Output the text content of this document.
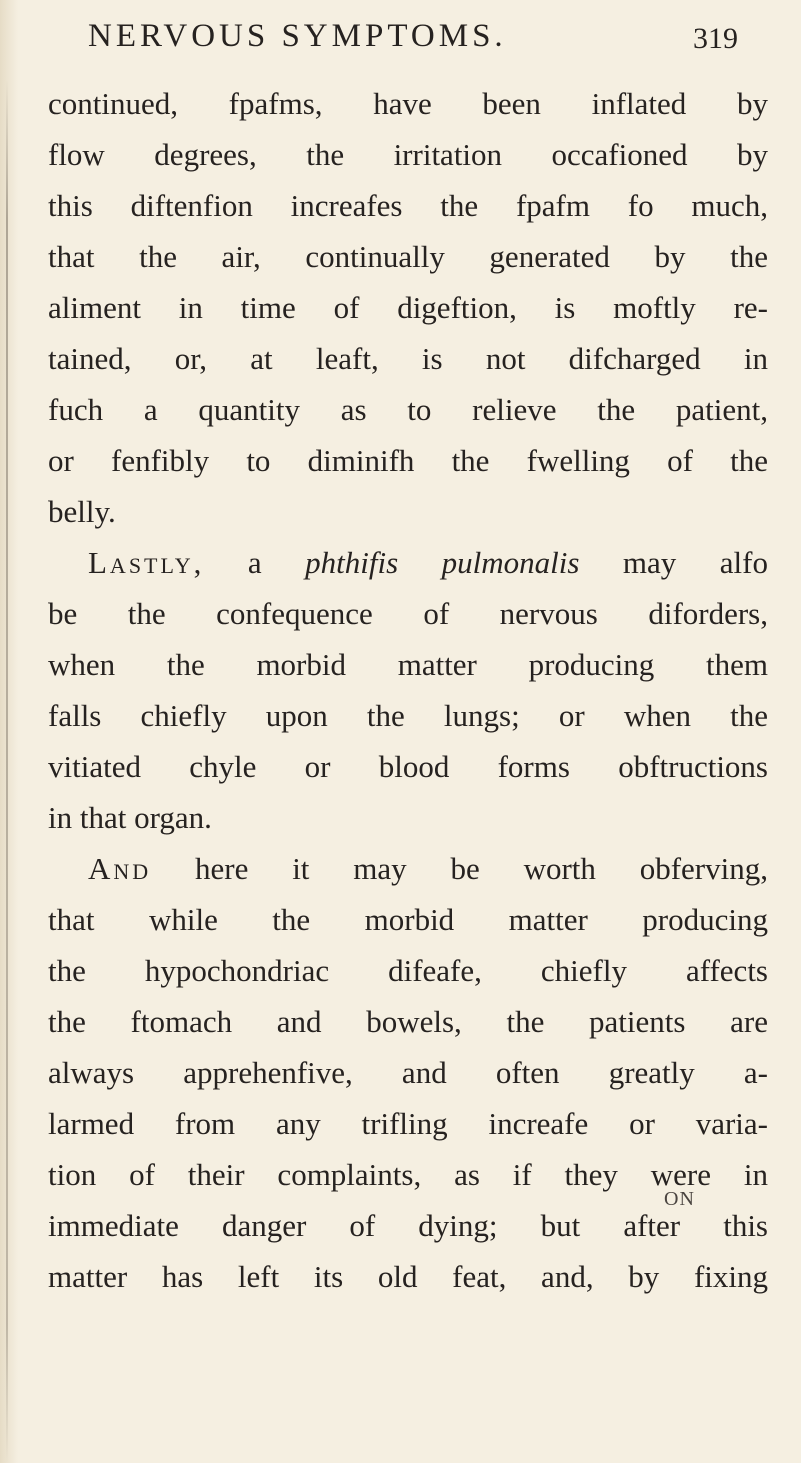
NERVOUS SYMPTOMS.	319
continued, fpafms, have been inflated by
flow degrees, the irritation occafioned by
this diftenfion increafes the fpafm fo much,
that the air, continually generated by the
aliment in time of digeftion, is moftly re-
tained, or, at leaft, is not difcharged in
fuch a quantity as to relieve the patient,
or fenfibly to diminifh the fwelling of the
belly.
Lastly, a phthifis pulmonalis may alfo
be the confequence of nervous diforders,
when the morbid matter producing them
falls chiefly upon the lungs; or when the
vitiated chyle or blood forms obftructions
in that organ.
And here it may be worth obferving,
that while the morbid matter producing
the hypochondriac difeafe, chiefly affects
the ftomach and bowels, the patients are
always apprehenfive, and often greatly a-
larmed from any trifling increafe or varia-
tion of their complaints, as if they were in
immediate danger of dying; but after this
matter has left its old feat, and, by fixing
ON
